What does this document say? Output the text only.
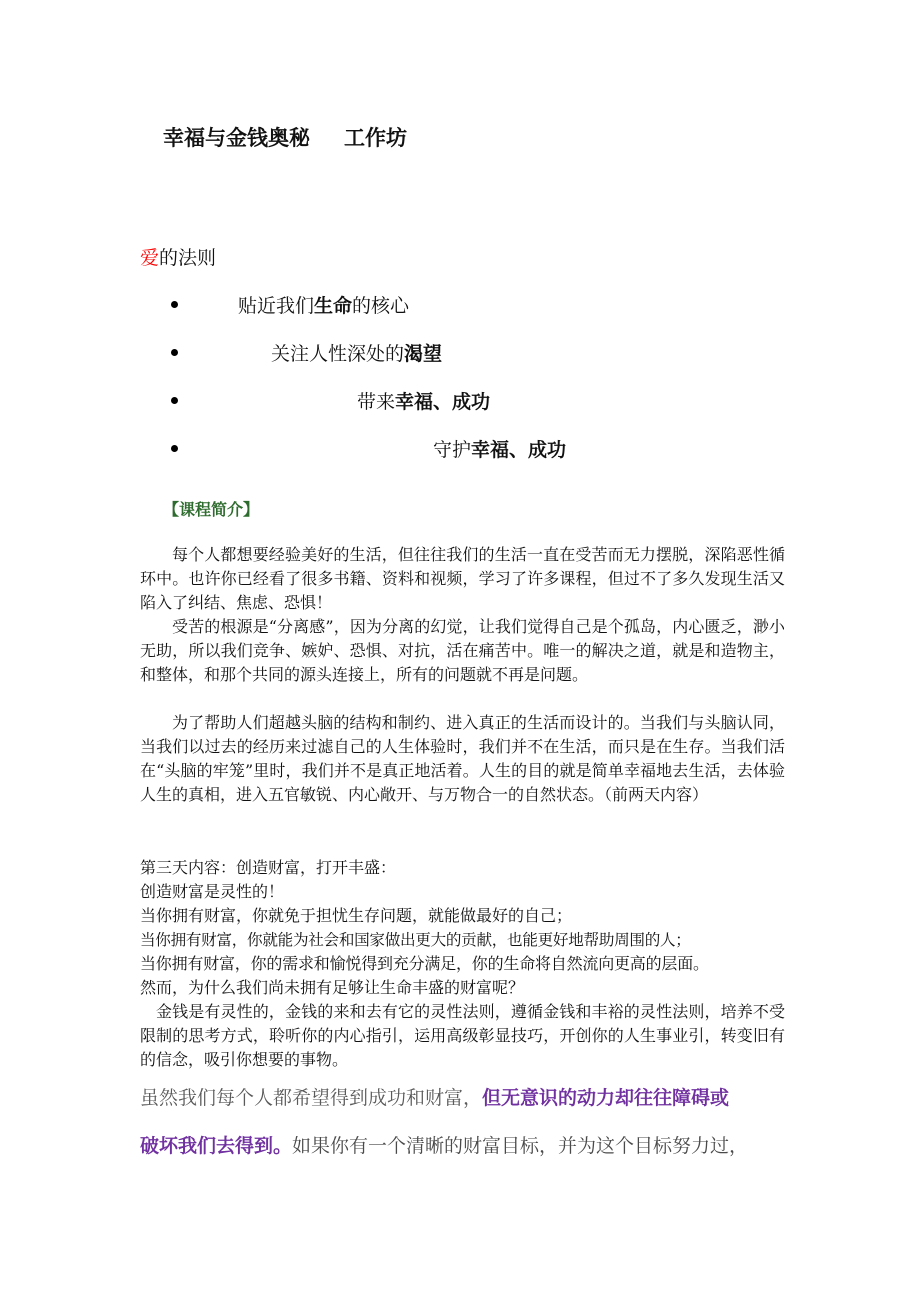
幸福与金钱奥秘 工作坊
爱的法则
贴近我们生命的核心
关注人性深处的渴望
带来幸福、成功
守护幸福、成功
【课程简介】

每个人都想要经验美好的生活，但往往我们的生活一直在受苦而无力摆脱，深陷恶性循环中。也许你已经看了很多书籍、资料和视频，学习了许多课程，但过不了多久发现生活又陷入了纠结、焦虑、恐惧！

受苦的根源是“分离感”，因为分离的幻觉，让我们觉得自己是个孤岛，内心匮乏，渺小无助，所以我们竞争、嫉妒、恐惧、对抗，活在痛苦中。唯一的解决之道，就是和造物主，和整体，和那个共同的源头连接上，所有的问题就不再是问题。

为了帮助人们超越头脑的结构和制约、进入真正的生活而设计的。当我们与头脑认同，当我们以过去的经历来过滤自己的人生体验时，我们并不在生活，而只是在生存。当我们活在“头脑的牢笼”里时，我们并不是真正地活着。人生的目的就是简单幸福地去生活，去体验人生的真相，进入五官敏锐、内心敞开、与万物合一的自然状态。（前两天内容）

第三天内容：创造财富，打开丰盛：
创造财富是灵性的！
当你拥有财富，你就免于担忧生存问题，就能做最好的自己；
当你拥有财富，你就能为社会和国家做出更大的贡献，也能更好地帮助周围的人；
当你拥有财富，你的需求和愉悦得到充分满足，你的生命将自然流向更高的层面。
然而，为什么我们尚未拥有足够让生命丰盛的财富呢？

金钱是有灵性的，金钱的来和去有它的灵性法则，遵循金钱和丰裕的灵性法则，培养不受限制的思考方式，聆听你的内心指引，运用高级彰显技巧，开创你的人生事业引，转变旧有的信念，吸引你想要的事物。

虽然我们每个人都希望得到成功和财富，但无意识的动力却往往障碍或
破坏我们去得到。如果你有一个清晰的财富目标，并为这个目标努力过，
